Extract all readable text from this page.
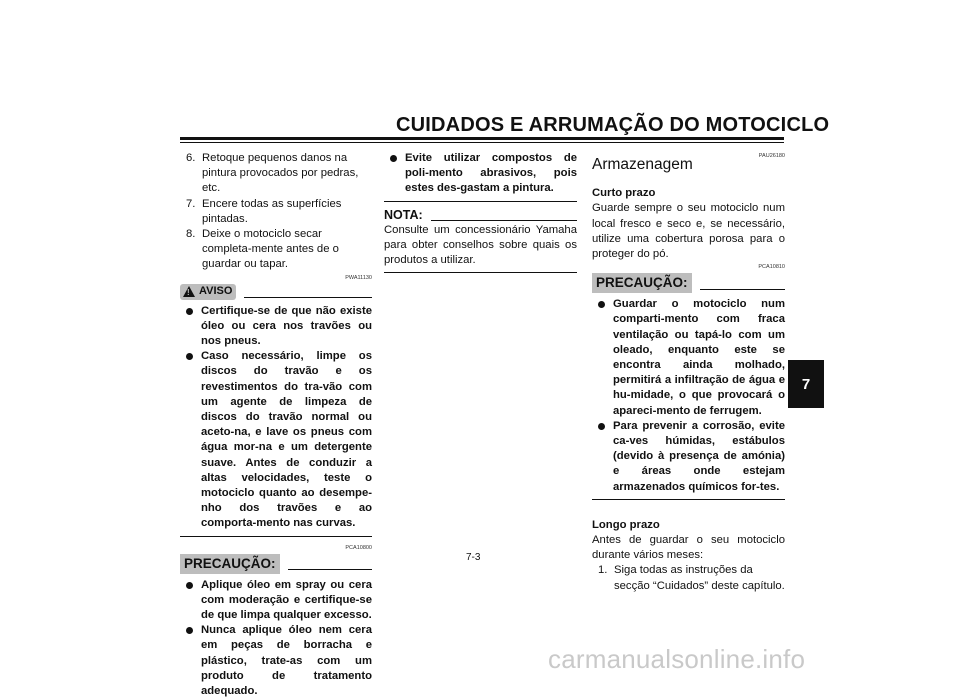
CUIDADOS E ARRUMAÇÃO DO MOTOCICLO
6. Retoque pequenos danos na pintura provocados por pedras, etc.
7. Encere todas as superfícies pintadas.
8. Deixe o motociclo secar completa-mente antes de o guardar ou tapar.
PWA11130
! AVISO
Certifique-se de que não existe óleo ou cera nos travões ou nos pneus.
Caso necessário, limpe os discos do travão e os revestimentos do tra-vão com um agente de limpeza de discos do travão normal ou aceto-na, e lave os pneus com água mor-na e um detergente suave. Antes de conduzir a altas velocidades, teste o motociclo quanto ao desempe-nho dos travões e ao comporta-mento nas curvas.
PCA10800
PRECAUÇÃO:
Aplique óleo em spray ou cera com moderação e certifique-se de que limpa qualquer excesso.
Nunca aplique óleo nem cera em peças de borracha e plástico, trate-as com um produto de tratamento adequado.
Evite utilizar compostos de poli-mento abrasivos, pois estes des-gastam a pintura.
NOTA:
Consulte um concessionário Yamaha para obter conselhos sobre quais os produtos a utilizar.
PAU26180
Armazenagem
Curto prazo
Guarde sempre o seu motociclo num local fresco e seco e, se necessário, utilize uma cobertura porosa para o proteger do pó.
PCA10810
PRECAUÇÃO:
Guardar o motociclo num comparti-mento com fraca ventilação ou tapá-lo com um oleado, enquanto este se encontra ainda molhado, permitirá a infiltração de água e hu-midade, o que provocará o apareci-mento de ferrugem.
Para prevenir a corrosão, evite ca-ves húmidas, estábulos (devido à presença de amónia) e áreas onde estejam armazenados químicos for-tes.
Longo prazo
Antes de guardar o seu motociclo durante vários meses:
1. Siga todas as instruções da secção “Cuidados” deste capítulo.
7
7-3
carmanualsonline.info
